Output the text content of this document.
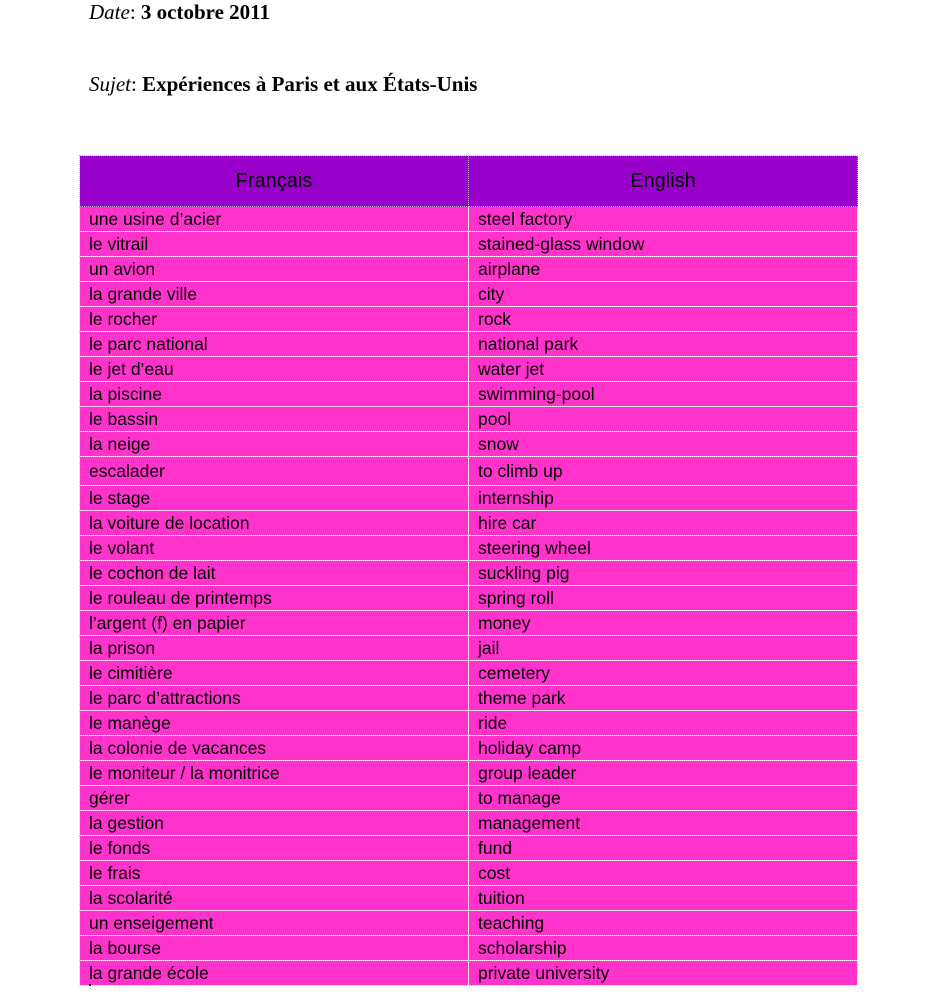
Date: 3 octobre 2011
Sujet: Expériences à Paris et aux États-Unis
Français	English
une usine d’acier	steel factory
le vitrail	stained-glass window
un avion	airplane
la grande ville	city
le rocher	rock
le parc national	national park
le jet d’eau	water jet
la piscine	swimming-pool
le bassin	pool
la neige	snow
escalader	to climb up
le stage	internship
la voiture de location	hire car
le volant	steering wheel
le cochon de lait	suckling pig
le rouleau de printemps	spring roll
l’argent (f) en papier	money
la prison	jail
le cimitière	cemetery
le parc d’attractions	theme park
le manège	ride
la colonie de vacances	holiday camp
le moniteur / la monitrice	group leader
gérer	to manage
la gestion	management
le fonds	fund
le frais	cost
la scolarité	tuition
un enseigement	teaching
la bourse	scholarship
la grande école	private university
